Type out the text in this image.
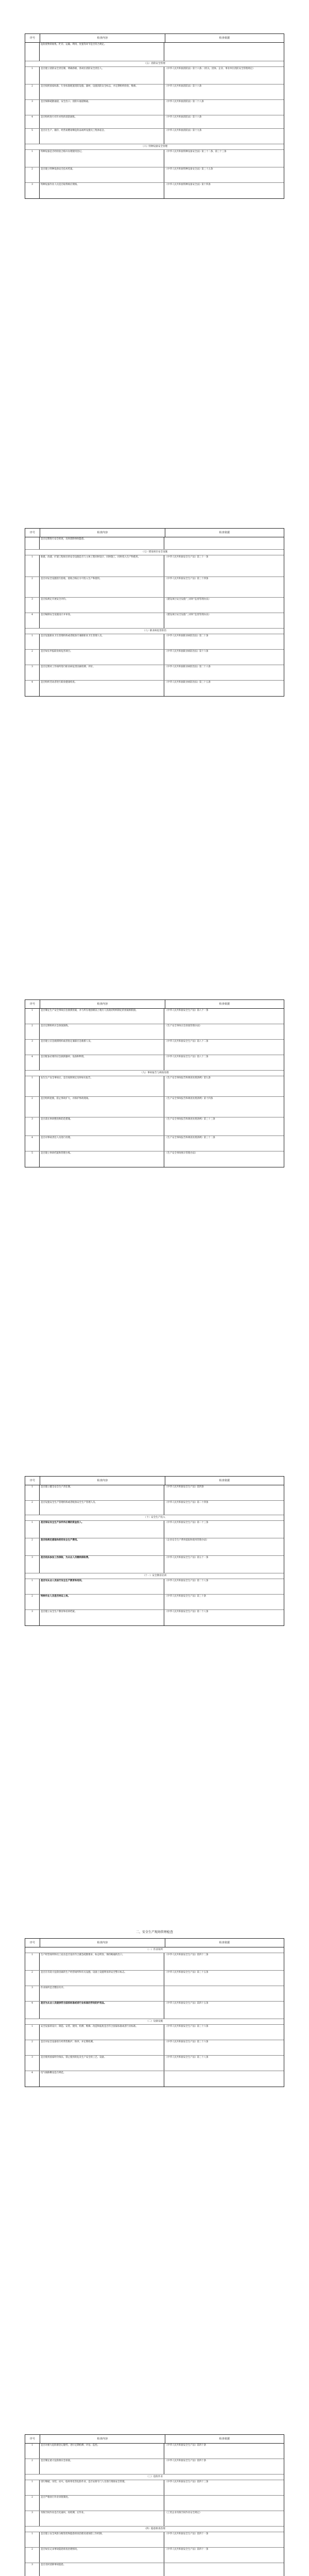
序号	检查内容	检查依据
危险废物的收集、贮存、运输、利用、处置等环节是否符合规定。
（五）消防安全管理
1	是否建立消防安全责任制，明确各级、各岗位消防安全责任人。	《中华人民共和国消防法》第十六条；《机关、团体、企业、事业单位消防安全管理规定》
2	是否按照国家标准、行业标准配置消防设施、器材，设置消防安全标志，并定期组织检验、维修。	《中华人民共和国消防法》第十六条
3	是否保障疏散通道、安全出口、消防车通道畅通。	《中华人民共和国消防法》第二十八条
4	是否组织进行有针对性的消防演练。	《中华人民共和国消防法》第十六条
5	是否在生产、储存、经营易燃易爆危险品场所设置员工集体宿舍。	《中华人民共和国消防法》第十九条
（六）特种设备安全管理
1	特种设备是否经检验合格并办理使用登记。	《中华人民共和国特种设备安全法》第三十二条、第三十三条
2	是否建立特种设备安全技术档案。	《中华人民共和国特种设备安全法》第三十五条
3	特种设备作业人员是否取得相应资格。	《中华人民共和国特种设备安全法》第十四条
序号	检查内容	检查依据
是否定期进行安全检查，及时消除事故隐患。
（七）建设项目安全设施
1	新建、改建、扩建工程项目的安全设施是否与主体工程同时设计、同时施工、同时投入生产和使用。	《中华人民共和国安全生产法》第三十一条
2	是否对安全设施进行验收，验收合格后方可投入生产和使用。	《中华人民共和国安全生产法》第三十四条
3	是否按规定开展安全评价。	《建设项目安全设施“三同时”监督管理办法》
4	是否编制安全设施设计并审查。	《建设项目安全设施“三同时”监督管理办法》
（八）职业病危害防治
1	是否设置职业卫生管理机构或者配备专兼职职业卫生管理人员。	《中华人民共和国职业病防治法》第二十条
2	是否如实申报职业病危害项目。	《中华人民共和国职业病防治法》第十六条
3	是否定期对工作场所进行职业病危害因素检测、评价。	《中华人民共和国职业病防治法》第二十六条
4	是否组织劳动者进行职业健康检查。	《中华人民共和国职业病防治法》第三十五条
序号	检查内容	检查依据
1	是否制定生产安全事故应急救援预案，并与所在地县级以上地方人民政府组织制定的预案相衔接。	《中华人民共和国安全生产法》第八十一条
2	是否定期组织应急预案演练。	《生产安全事故应急预案管理办法》
3	是否建立应急救援组织或者指定兼职应急救援人员。	《中华人民共和国安全生产法》第八十二条
4	是否配备必要的应急救援器材、设备和物资。	《中华人民共和国安全生产法》第八十二条
（九）事故报告与调查处理
1	发生生产安全事故后，是否按照规定及时如实报告。	《生产安全事故报告和调查处理条例》第九条
2	是否组织抢救，防止事故扩大，并保护事故现场。	《生产安全事故报告和调查处理条例》第十四条
3	是否落实事故整改和防范措施。	《生产安全事故报告和调查处理条例》第三十三条
4	是否对事故责任人员进行处理。	《生产安全事故报告和调查处理条例》第三十二条
5	是否建立事故档案和管理台账。	《生产安全事故统计管理办法》
序号	检查内容	检查依据
1	是否建立健全安全生产责任制。	《中华人民共和国安全生产法》第四条
2	是否设置安全生产管理机构或者配备安全生产管理人员。	《中华人民共和国安全生产法》第二十四条
（十）安全生产投入
1	是否保证安全生产条件所必需的资金投入。	《中华人民共和国安全生产法》第二十三条
2	是否按规定提取和使用安全生产费用。	《企业安全生产费用提取和使用管理办法》
3	是否依法参加工伤保险，为从业人员缴纳保险费。	《中华人民共和国安全生产法》第五十一条
（十一）安全教育培训
1	是否对从业人员进行安全生产教育和培训。	《中华人民共和国安全生产法》第二十八条
2	特种作业人员是否持证上岗。	《中华人民共和国安全生产法》第三十条
3	是否建立安全生产教育和培训档案。	《中华人民共和国安全生产法》第二十八条
二、安全生产现场管理检查
序号	检查内容	检查依据
（一）作业场所
1	生产经营场所和员工宿舍是否设有符合紧急疏散要求、标志明显、保持畅通的出口。	《中华人民共和国安全生产法》第四十二条
2	是否在有较大危险因素的生产经营场所和有关设施、设备上设置明显的安全警示标志。	《中华人民共和国安全生产法》第三十五条
3	作业场所是否整洁有序。
4	是否为从业人员提供符合国家标准或者行业标准的劳动防护用品。	《中华人民共和国安全生产法》第四十五条
（二）设备设施
1	安全设备的设计、制造、安装、使用、检测、维修、改造和报废是否符合国家标准或者行业标准。	《中华人民共和国安全生产法》第三十六条
2	是否对安全设备进行经常性维护、保养，并定期检测。	《中华人民共和国安全生产法》第三十六条
3	是否使用国家明令淘汰、禁止使用的危及生产安全的工艺、设备。	《中华人民共和国安全生产法》第三十八条
4	电气线路敷设是否规范。
序号	检查内容	检查依据
1	是否对重大危险源登记建档，进行定期检测、评估、监控。	《中华人民共和国安全生产法》第四十条
2	是否制定重大危险源应急预案。	《中华人民共和国安全生产法》第四十条
（三）危险作业
1	进行爆破、吊装、动火、临时用电等危险作业，是否安排专门人员进行现场安全管理。	《中华人民共和国安全生产法》第四十三条
2	是否严格执行作业审批制度。
3	有限空间作业是否先通风、再检测、后作业。	《工贸企业有限空间作业安全规定》
（四）隐患排查治理
1	是否建立安全风险分级管控和隐患排查治理双重预防工作机制。	《中华人民共和国安全生产法》第四十一条
2	是否如实记录事故隐患排查治理情况。	《中华人民共和国安全生产法》第四十一条
3	是否及时消除事故隐患。
